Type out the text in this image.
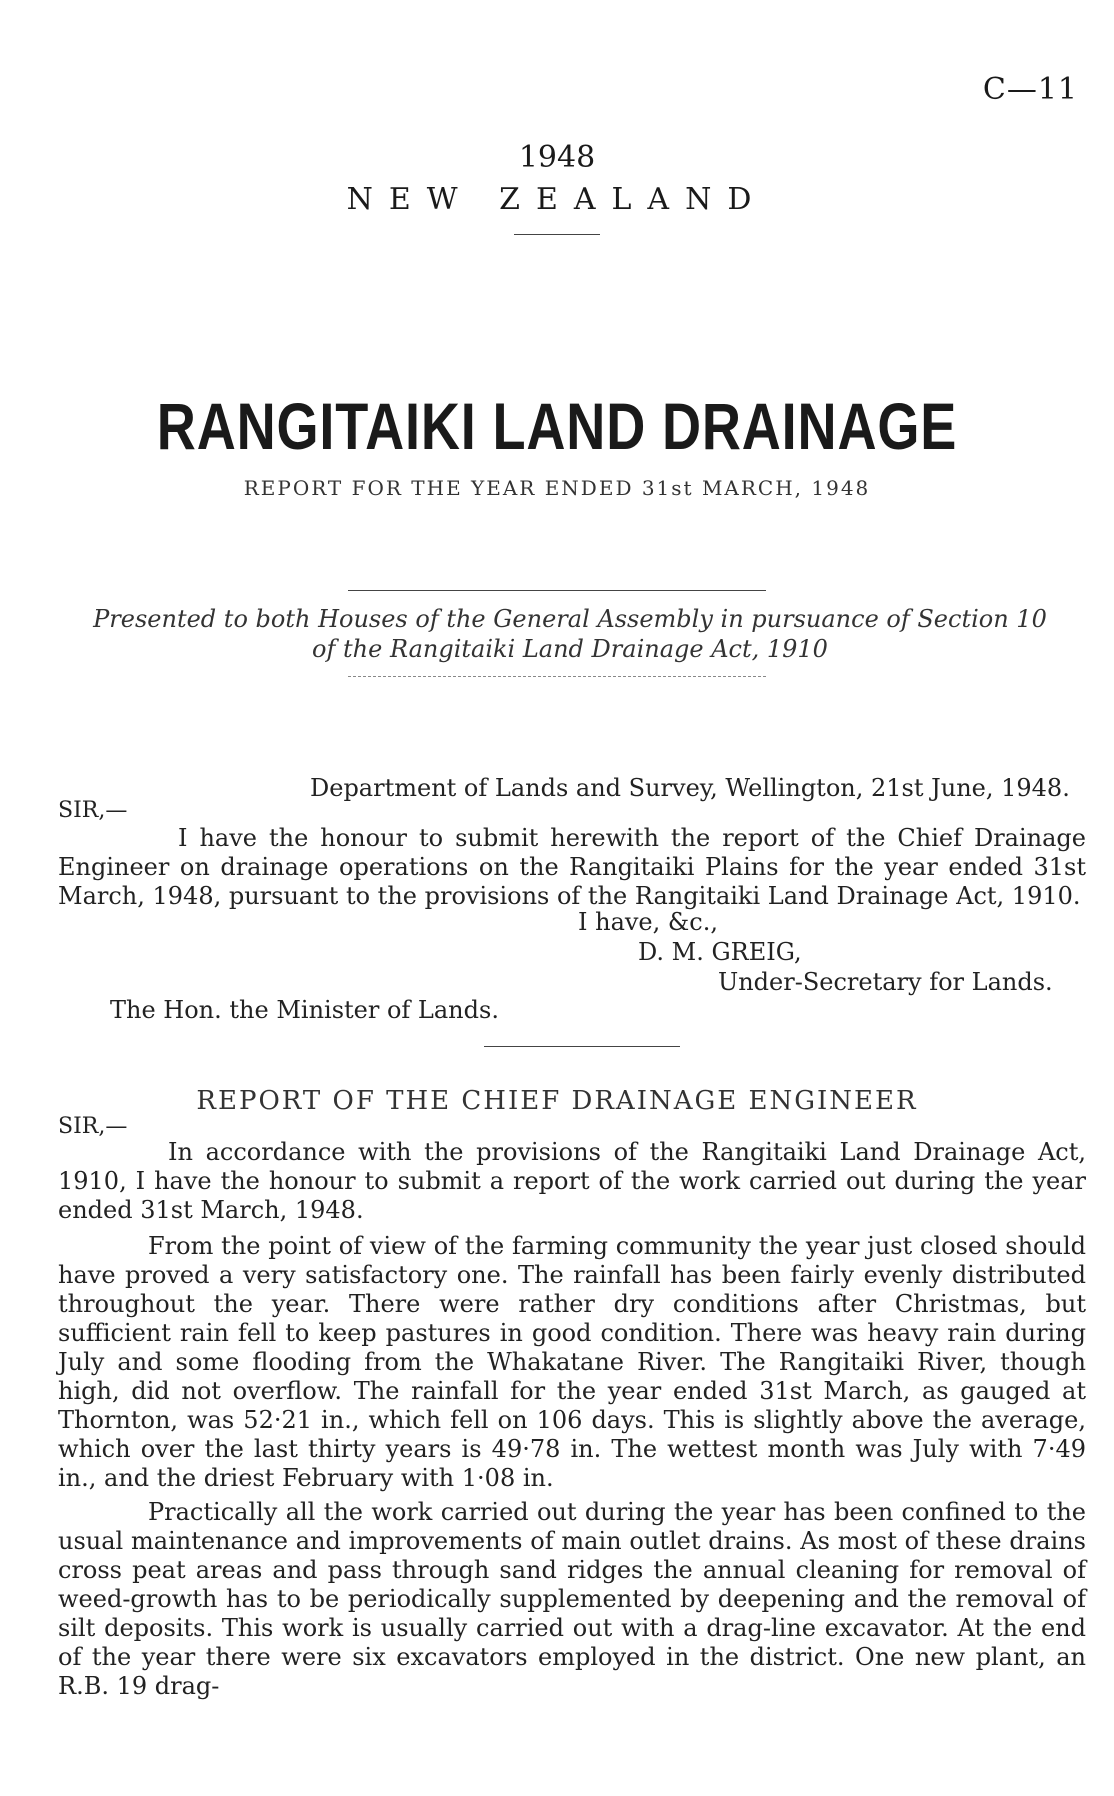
C—11
1948
NEW ZEALAND
RANGITAIKI LAND DRAINAGE
REPORT FOR THE YEAR ENDED 31st MARCH, 1948
Presented to both Houses of the General Assembly in pursuance of Section 10 of the Rangitaiki Land Drainage Act, 1910
Department of Lands and Survey, Wellington, 21st June, 1948.
SIR,—
I have the honour to submit herewith the report of the Chief Drainage Engineer on drainage operations on the Rangitaiki Plains for the year ended 31st March, 1948, pursuant to the provisions of the Rangitaiki Land Drainage Act, 1910.
I have, &c.,
D. M. GREIG,
Under-Secretary for Lands.
The Hon. the Minister of Lands.
REPORT OF THE CHIEF DRAINAGE ENGINEER
SIR,—
In accordance with the provisions of the Rangitaiki Land Drainage Act, 1910, I have the honour to submit a report of the work carried out during the year ended 31st March, 1948.
From the point of view of the farming community the year just closed should have proved a very satisfactory one. The rainfall has been fairly evenly distributed throughout the year. There were rather dry conditions after Christmas, but sufficient rain fell to keep pastures in good condition. There was heavy rain during July and some flooding from the Whakatane River. The Rangitaiki River, though high, did not overflow. The rainfall for the year ended 31st March, as gauged at Thornton, was 52·21 in., which fell on 106 days. This is slightly above the average, which over the last thirty years is 49·78 in. The wettest month was July with 7·49 in., and the driest February with 1·08 in.
Practically all the work carried out during the year has been confined to the usual maintenance and improvements of main outlet drains. As most of these drains cross peat areas and pass through sand ridges the annual cleaning for removal of weed-growth has to be periodically supplemented by deepening and the removal of silt deposits. This work is usually carried out with a drag-line excavator. At the end of the year there were six excavators employed in the district. One new plant, an R.B. 19 drag-
